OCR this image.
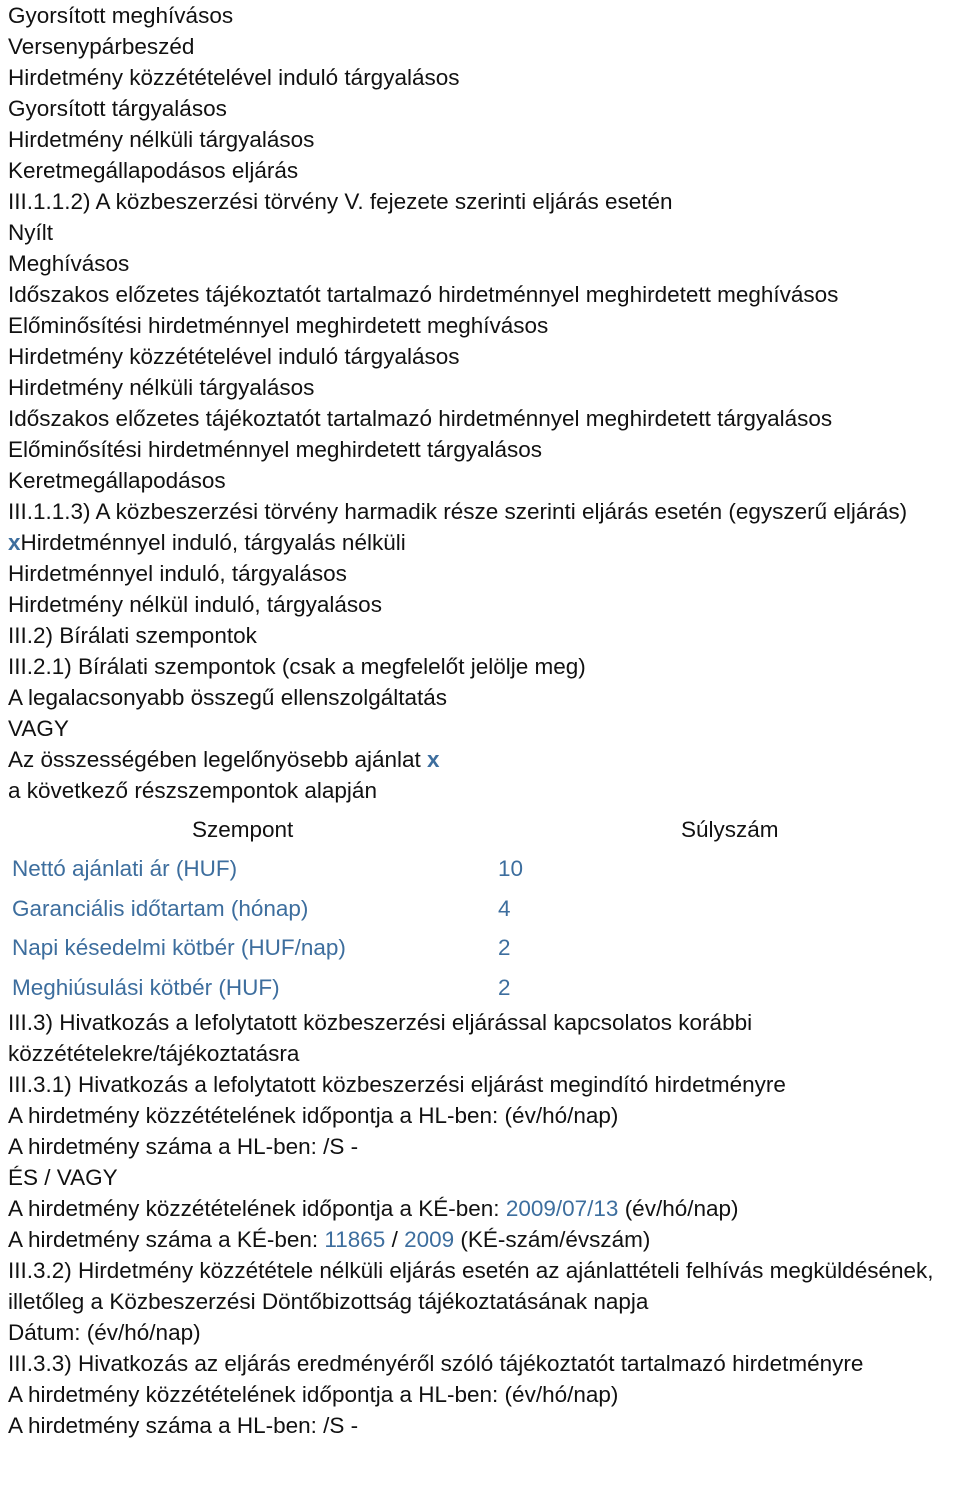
Gyorsított meghívásos
Versenypárbeszéd
Hirdetmény közzétételével induló tárgyalásos
Gyorsított tárgyalásos
Hirdetmény nélküli tárgyalásos
Keretmegállapodásos eljárás
III.1.1.2) A közbeszerzési törvény V. fejezete szerinti eljárás esetén
Nyílt
Meghívásos
Időszakos előzetes tájékoztatót tartalmazó hirdetménnyel meghirdetett meghívásos
Előminősítési hirdetménnyel meghirdetett meghívásos
Hirdetmény közzétételével induló tárgyalásos
Hirdetmény nélküli tárgyalásos
Időszakos előzetes tájékoztatót tartalmazó hirdetménnyel meghirdetett tárgyalásos
Előminősítési hirdetménnyel meghirdetett tárgyalásos
Keretmegállapodásos
III.1.1.3) A közbeszerzési törvény harmadik része szerinti eljárás esetén (egyszerű eljárás)
xHirdetménnyel induló, tárgyalás nélküli
Hirdetménnyel induló, tárgyalásos
Hirdetmény nélkül induló, tárgyalásos
III.2) Bírálati szempontok
III.2.1) Bírálati szempontok (csak a megfelelőt jelölje meg)
A legalacsonyabb összegű ellenszolgáltatás
VAGY
Az összességében legelőnyösebb ajánlat x
a következő részszempontok alapján
Szempont	Súlyszám
Nettó ajánlati ár (HUF)	10
Garanciális időtartam (hónap)	4
Napi késedelmi kötbér (HUF/nap)	2
Meghiúsulási kötbér (HUF)	2
III.3) Hivatkozás a lefolytatott közbeszerzési eljárással kapcsolatos korábbi közzétételekre/tájékoztatásra
III.3.1) Hivatkozás a lefolytatott közbeszerzési eljárást megindító hirdetményre
A hirdetmény közzétételének időpontja a HL-ben: (év/hó/nap)
A hirdetmény száma a HL-ben: /S -
ÉS / VAGY
A hirdetmény közzétételének időpontja a KÉ-ben: 2009/07/13 (év/hó/nap)
A hirdetmény száma a KÉ-ben: 11865 / 2009 (KÉ-szám/évszám)
III.3.2) Hirdetmény közzététele nélküli eljárás esetén az ajánlattételi felhívás megküldésének, illetőleg a Közbeszerzési Döntőbizottság tájékoztatásának napja
Dátum: (év/hó/nap)
III.3.3) Hivatkozás az eljárás eredményéről szóló tájékoztatót tartalmazó hirdetményre
A hirdetmény közzétételének időpontja a HL-ben: (év/hó/nap)
A hirdetmény száma a HL-ben: /S -
